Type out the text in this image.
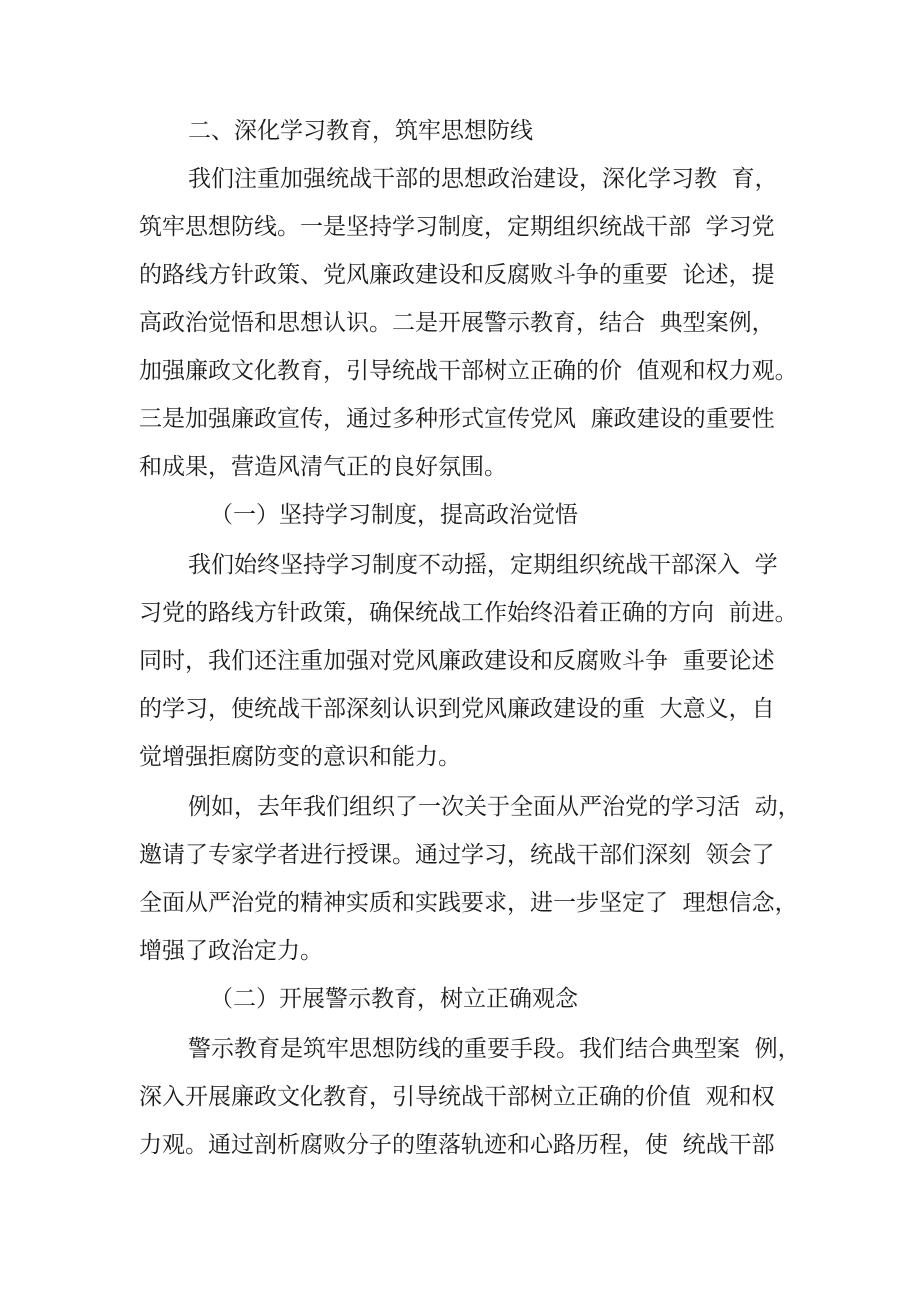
二、深化学习教育，筑牢思想防线
我们注重加强统战干部的思想政治建设，深化学习教  育，
筑牢思想防线。一是坚持学习制度，定期组织统战干部  学习党
的路线方针政策、党风廉政建设和反腐败斗争的重要  论述，提
高政治觉悟和思想认识。二是开展警示教育，结合  典型案例，
加强廉政文化教育，引导统战干部树立正确的价  值观和权力观。
三是加强廉政宣传，通过多种形式宣传党风  廉政建设的重要性
和成果，营造风清气正的良好氛围。
（一）坚持学习制度，提高政治觉悟
我们始终坚持学习制度不动摇，定期组织统战干部深入  学
习党的路线方针政策，确保统战工作始终沿着正确的方向  前进。
同时，我们还注重加强对党风廉政建设和反腐败斗争  重要论述
的学习，使统战干部深刻认识到党风廉政建设的重  大意义，自
觉增强拒腐防变的意识和能力。
例如，去年我们组织了一次关于全面从严治党的学习活  动，
邀请了专家学者进行授课。通过学习，统战干部们深刻  领会了
全面从严治党的精神实质和实践要求，进一步坚定了  理想信念，
增强了政治定力。
（二）开展警示教育，树立正确观念
警示教育是筑牢思想防线的重要手段。我们结合典型案  例，
深入开展廉政文化教育，引导统战干部树立正确的价值  观和权
力观。通过剖析腐败分子的堕落轨迹和心路历程，使  统战干部
